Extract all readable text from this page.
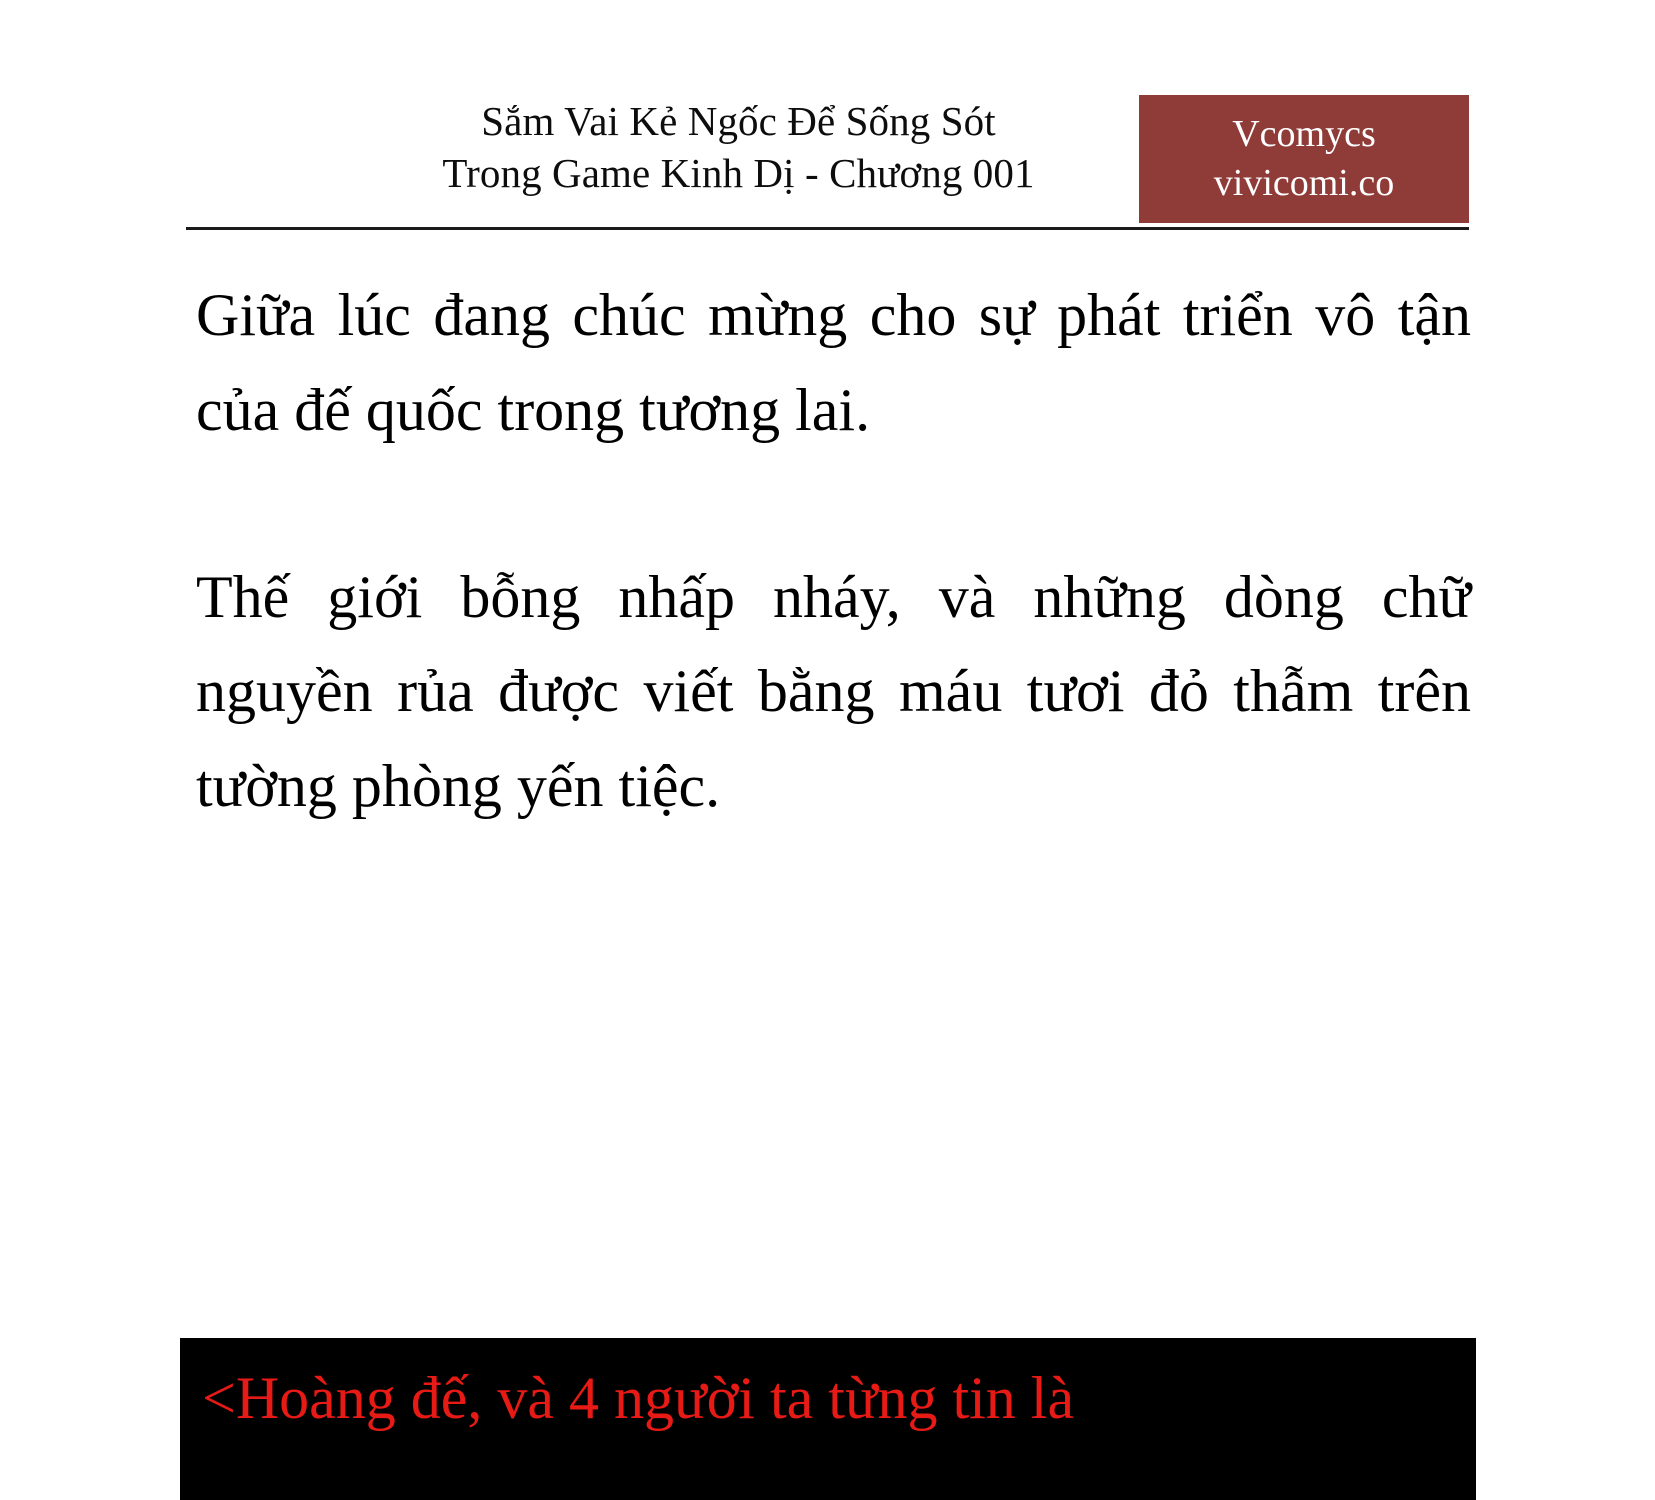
Sắm Vai Kẻ Ngốc Để Sống Sót
Trong Game Kinh Dị - Chương 001
Vcomycs
vivicomi.co

Giữa lúc đang chúc mừng cho sự phát triển vô tận của đế quốc trong tương lai.

Thế giới bỗng nhấp nháy, và những dòng chữ nguyền rủa được viết bằng máu tươi đỏ thẫm trên tường phòng yến tiệc.

<Hoàng đế, và 4 người ta từng tin là
